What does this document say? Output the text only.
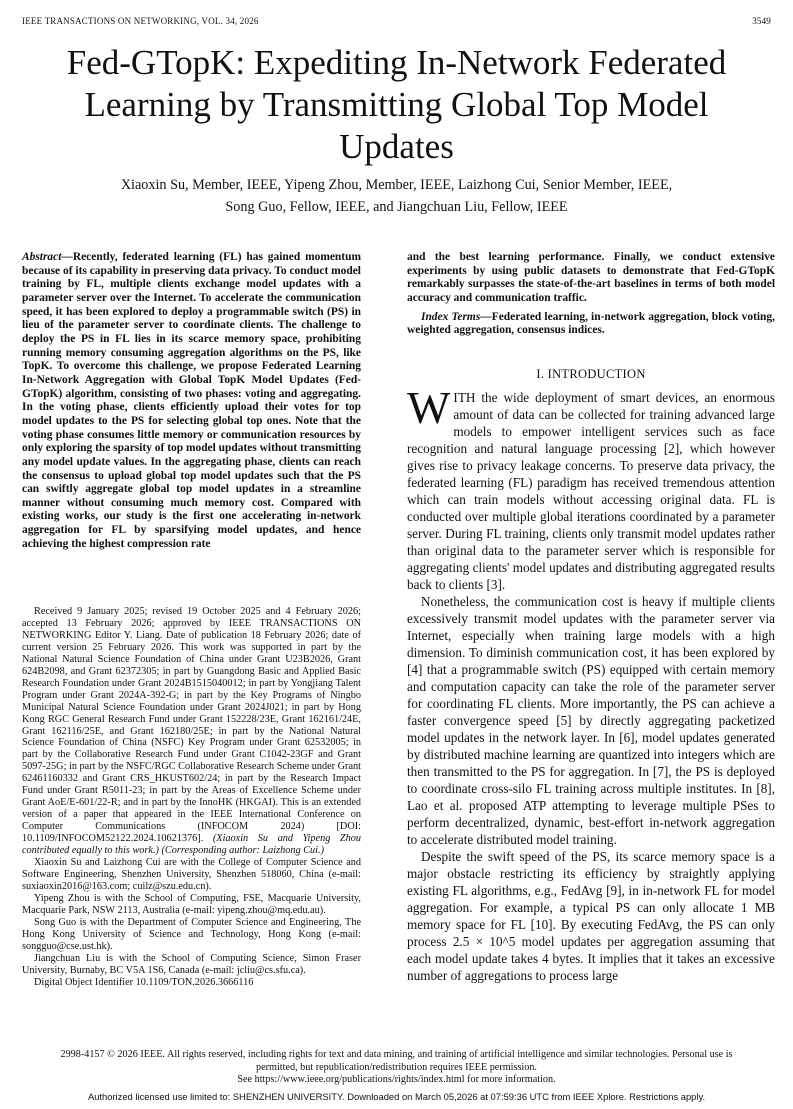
IEEE TRANSACTIONS ON NETWORKING, VOL. 34, 2026	3549
Fed-GTopK: Expediting In-Network Federated Learning by Transmitting Global Top Model Updates
Xiaoxin Su, Member, IEEE, Yipeng Zhou, Member, IEEE, Laizhong Cui, Senior Member, IEEE,
Song Guo, Fellow, IEEE, and Jiangchuan Liu, Fellow, IEEE

Abstract—Recently, federated learning (FL) has gained momentum because of its capability in preserving data privacy. To conduct model training by FL, multiple clients exchange model updates with a parameter server over the Internet. To accelerate the communication speed, it has been explored to deploy a programmable switch (PS) in lieu of the parameter server to coordinate clients. The challenge to deploy the PS in FL lies in its scarce memory space, prohibiting running memory consuming aggregation algorithms on the PS, like TopK. To overcome this challenge, we propose Federated Learning In-Network Aggregation with Global TopK Model Updates (Fed-GTopK) algorithm, consisting of two phases: voting and aggregating. In the voting phase, clients efficiently upload their votes for top model updates to the PS for selecting global top ones. Note that the voting phase consumes little memory or communication resources by only exploring the sparsity of top model updates without transmitting any model update values. In the aggregating phase, clients can reach the consensus to upload global top model updates such that the PS can swiftly aggregate global top model updates in a streamline manner without consuming much memory cost. Compared with existing works, our study is the first one accelerating in-network aggregation for FL by sparsifying model updates, and hence achieving the highest compression rate

Received 9 January 2025; revised 19 October 2025 and 4 February 2026; accepted 13 February 2026; approved by IEEE TRANSACTIONS ON NETWORKING Editor Y. Liang. Date of publication 18 February 2026; date of current version 25 February 2026. This work was supported in part by the National Natural Science Foundation of China under Grant U23B2026, Grant 624B2098, and Grant 62372305; in part by Guangdong Basic and Applied Basic Research Foundation under Grant 2024B1515040012; in part by Yongjiang Talent Program under Grant 2024A-392-G; in part by the Key Programs of Ningbo Municipal Natural Science Foundation under Grant 2024J021; in part by Hong Kong RGC General Research Fund under Grant 152228/23E, Grant 162161/24E, Grant 162116/25E, and Grant 162180/25E; in part by the National Natural Science Foundation of China (NSFC) Key Program under Grant 62532005; in part by the Collaborative Research Fund under Grant C1042-23GF and Grant 5097-25G; in part by the NSFC/RGC Collaborative Research Scheme under Grant 62461160332 and Grant CRS_HKUST602/24; in part by the Research Impact Fund under Grant R5011-23; in part by the Areas of Excellence Scheme under Grant AoE/E-601/22-R; and in part by the InnoHK (HKGAI). This is an extended version of a paper that appeared in the IEEE International Conference on Computer Communications (INFOCOM 2024) [DOI: 10.1109/INFOCOM52122.2024.10621376]. (Xiaoxin Su and Yipeng Zhou contributed equally to this work.) (Corresponding author: Laizhong Cui.)

Xiaoxin Su and Laizhong Cui are with the College of Computer Science and Software Engineering, Shenzhen University, Shenzhen 518060, China (e-mail: suxiaoxin2016@163.com; cuilz@szu.edu.cn).

Yipeng Zhou is with the School of Computing, FSE, Macquarie University, Macquarie Park, NSW 2113, Australia (e-mail: yipeng.zhou@mq.edu.au).

Song Guo is with the Department of Computer Science and Engineering, The Hong Kong University of Science and Technology, Hong Kong (e-mail: songguo@cse.ust.hk).

Jiangchuan Liu is with the School of Computing Science, Simon Fraser University, Burnaby, BC V5A 1S6, Canada (e-mail: jcliu@cs.sfu.ca).

Digital Object Identifier 10.1109/TON.2026.3666116

and the best learning performance. Finally, we conduct extensive experiments by using public datasets to demonstrate that Fed-GTopK remarkably surpasses the state-of-the-art baselines in terms of both model accuracy and communication traffic.

Index Terms—Federated learning, in-network aggregation, block voting, weighted aggregation, consensus indices.

I. INTRODUCTION

WITH the wide deployment of smart devices, an enormous amount of data can be collected for training advanced large models to empower intelligent services such as face recognition and natural language processing [2], which however gives rise to privacy leakage concerns. To preserve data privacy, the federated learning (FL) paradigm has received tremendous attention which can train models without accessing original data. FL is conducted over multiple global iterations coordinated by a parameter server. During FL training, clients only transmit model updates rather than original data to the parameter server which is responsible for aggregating clients' model updates and distributing aggregated results back to clients [3].

Nonetheless, the communication cost is heavy if multiple clients excessively transmit model updates with the parameter server via Internet, especially when training large models with a high dimension. To diminish communication cost, it has been explored by [4] that a programmable switch (PS) equipped with certain memory and computation capacity can take the role of the parameter server for coordinating FL clients. More importantly, the PS can achieve a faster convergence speed [5] by directly aggregating packetized model updates in the network layer. In [6], model updates generated by distributed machine learning are quantized into integers which are then transmitted to the PS for aggregation. In [7], the PS is deployed to coordinate cross-silo FL training across multiple institutes. In [8], Lao et al. proposed ATP attempting to leverage multiple PSes to perform decentralized, dynamic, best-effort in-network aggregation to accelerate distributed model training.

Despite the swift speed of the PS, its scarce memory space is a major obstacle restricting its efficiency by straightly applying existing FL algorithms, e.g., FedAvg [9], in in-network FL for model aggregation. For example, a typical PS can only allocate 1 MB memory space for FL [10]. By executing FedAvg, the PS can only process 2.5 × 10^5 model updates per aggregation assuming that each model update takes 4 bytes. It implies that it takes an excessive number of aggregations to process large

2998-4157 © 2026 IEEE. All rights reserved, including rights for text and data mining, and training of artificial intelligence and similar technologies. Personal use is permitted, but republication/redistribution requires IEEE permission.
See https://www.ieee.org/publications/rights/index.html for more information.
Authorized licensed use limited to: SHENZHEN UNIVERSITY. Downloaded on March 05,2026 at 07:59:36 UTC from IEEE Xplore. Restrictions apply.
